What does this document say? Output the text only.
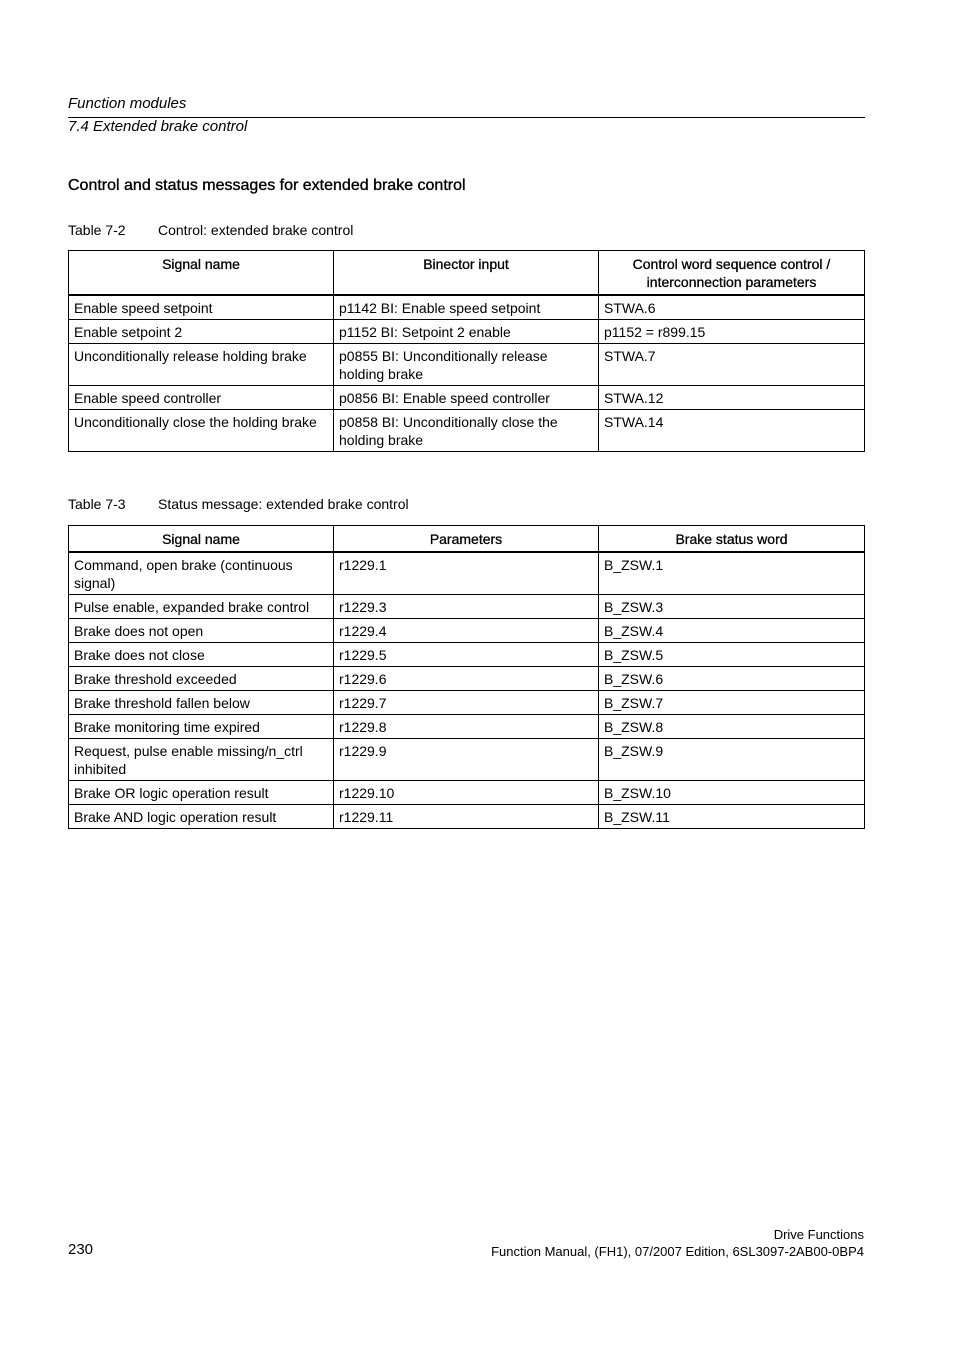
Function modules
7.4 Extended brake control
Control and status messages for extended brake control
Table 7-2 Control: extended brake control
Signal name	Binector input	Control word sequence control / interconnection parameters
Enable speed setpoint	p1142 BI: Enable speed setpoint	STWA.6
Enable setpoint 2	p1152 BI: Setpoint 2 enable	p1152 = r899.15
Unconditionally release holding brake	p0855 BI: Unconditionally release holding brake	STWA.7
Enable speed controller	p0856 BI: Enable speed controller	STWA.12
Unconditionally close the holding brake	p0858 BI: Unconditionally close the holding brake	STWA.14
Table 7-3 Status message: extended brake control
Signal name	Parameters	Brake status word
Command, open brake (continuous signal)	r1229.1	B_ZSW.1
Pulse enable, expanded brake control	r1229.3	B_ZSW.3
Brake does not open	r1229.4	B_ZSW.4
Brake does not close	r1229.5	B_ZSW.5
Brake threshold exceeded	r1229.6	B_ZSW.6
Brake threshold fallen below	r1229.7	B_ZSW.7
Brake monitoring time expired	r1229.8	B_ZSW.8
Request, pulse enable missing/n_ctrl inhibited	r1229.9	B_ZSW.9
Brake OR logic operation result	r1229.10	B_ZSW.10
Brake AND logic operation result	r1229.11	B_ZSW.11
230
Drive Functions
Function Manual, (FH1), 07/2007 Edition, 6SL3097-2AB00-0BP4
